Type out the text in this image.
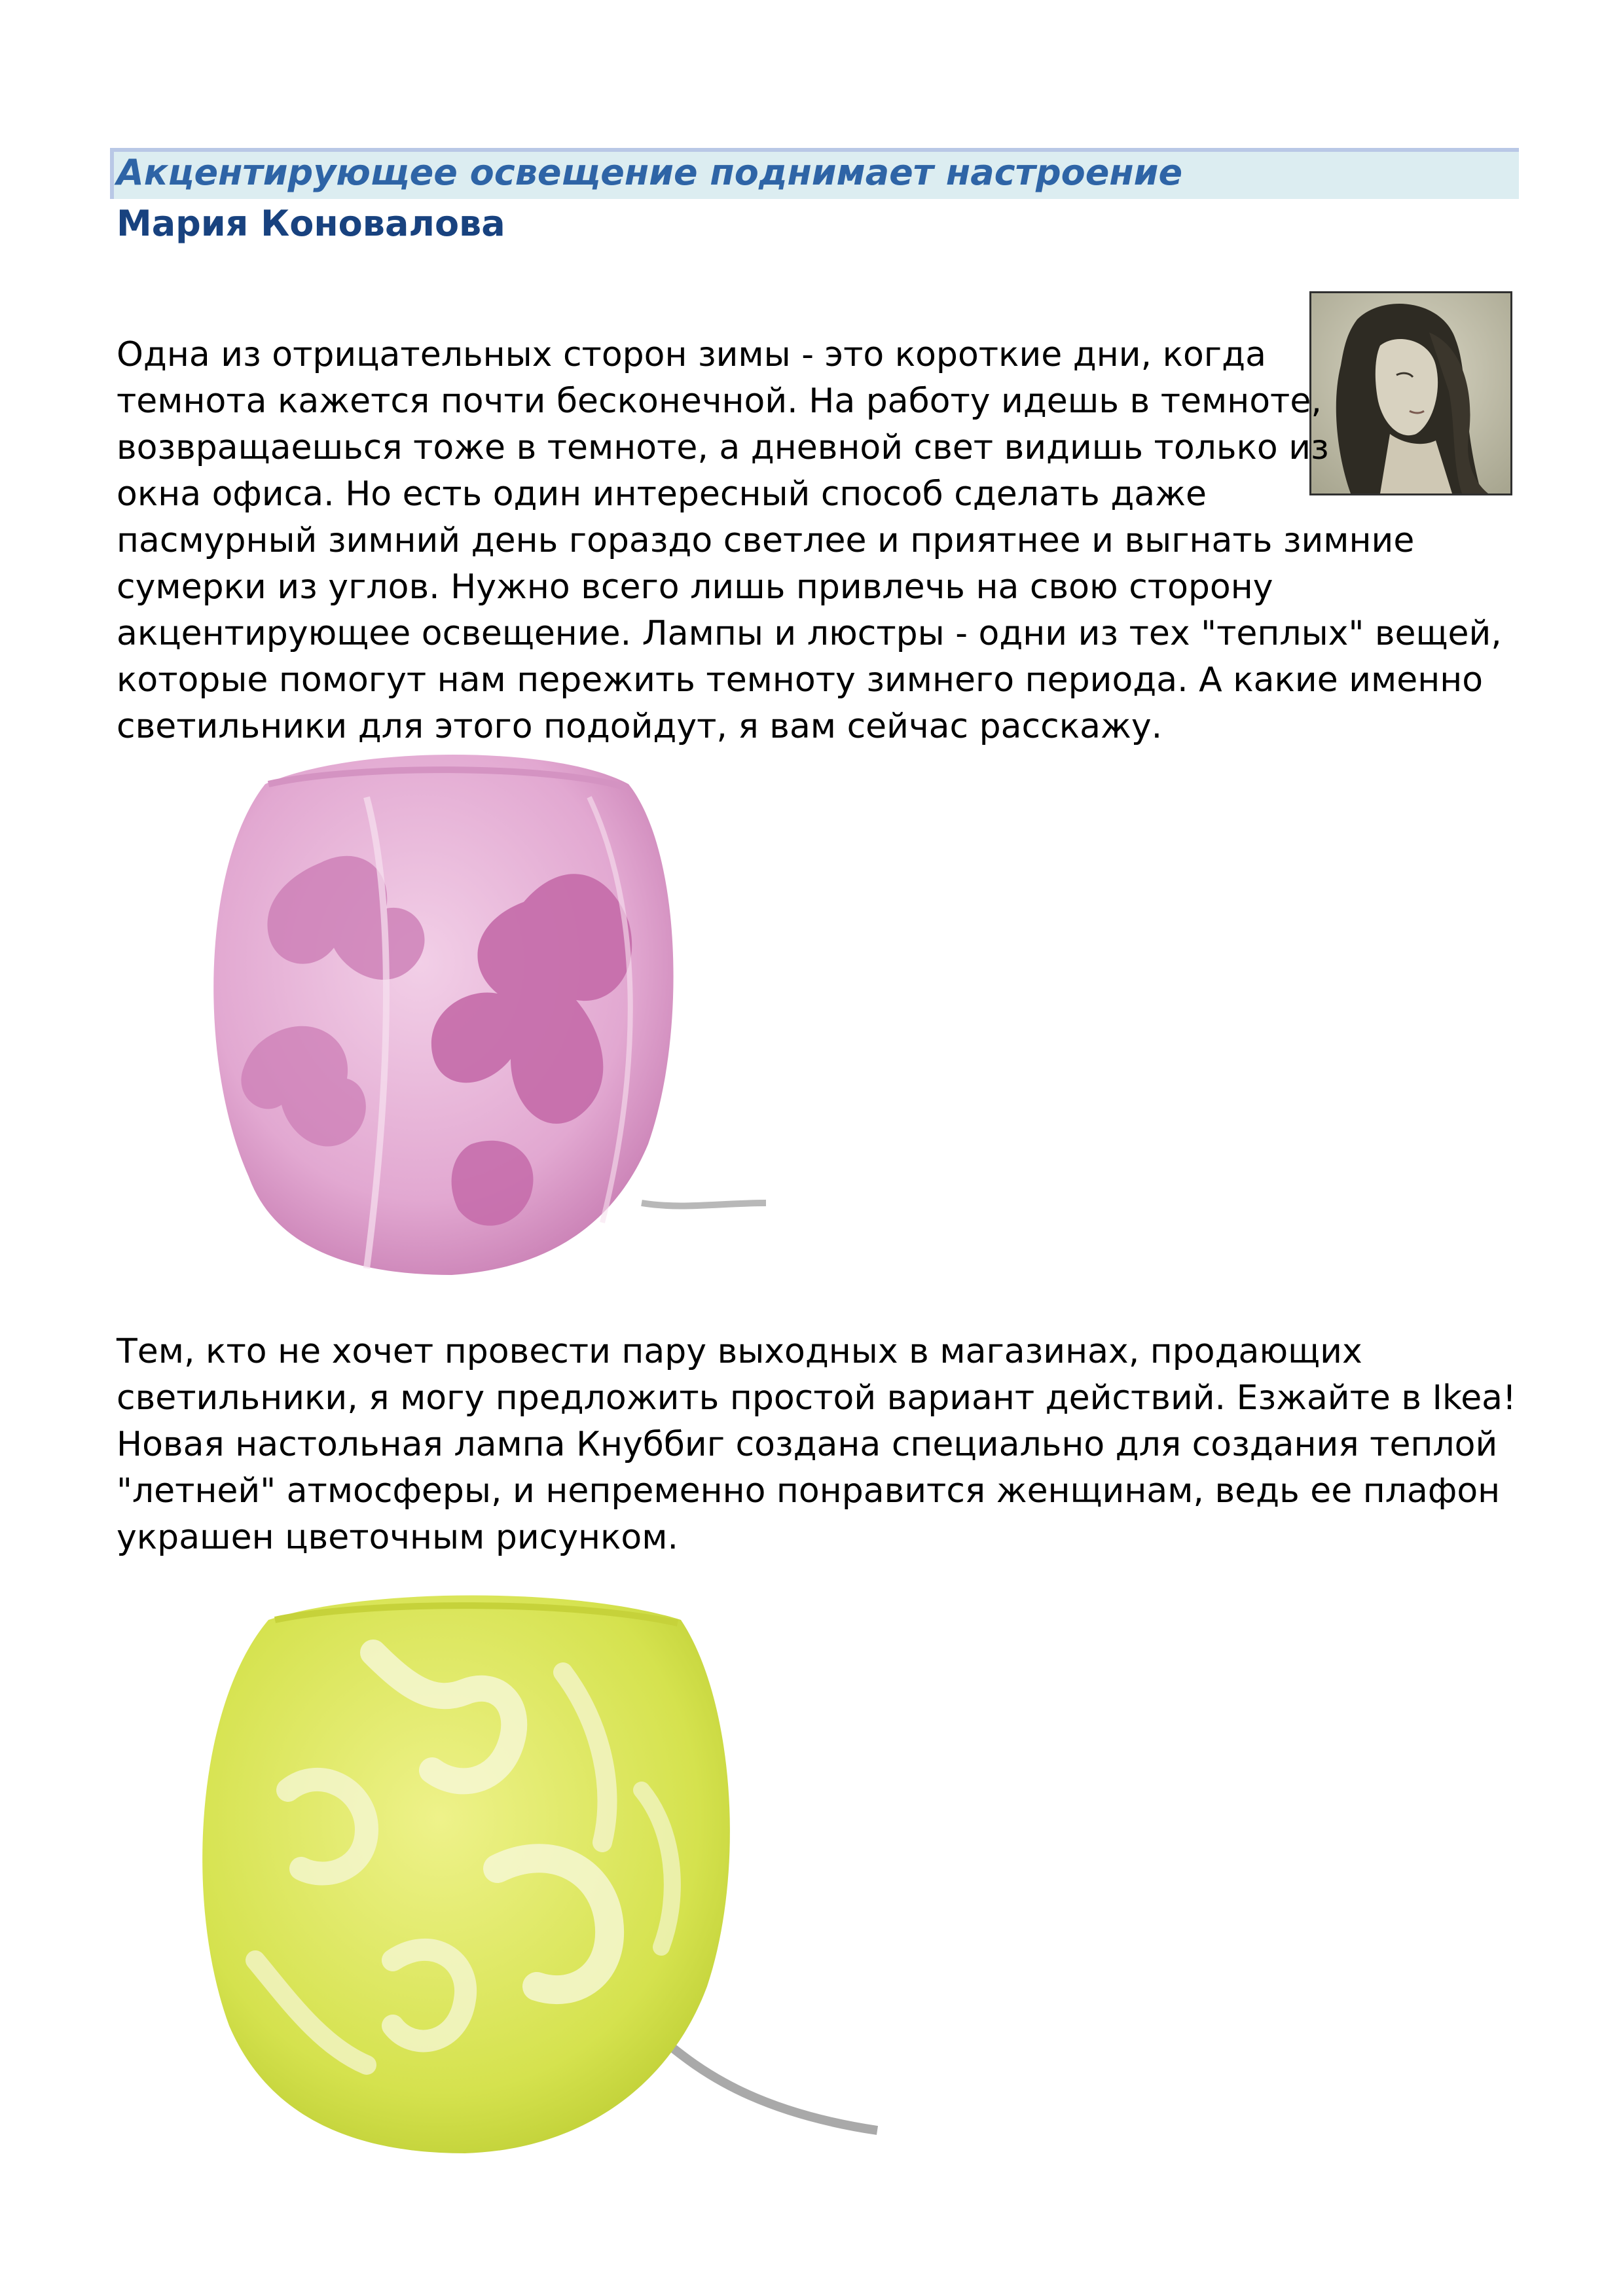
Акцентирующее освещение поднимает настроение
Мария Коновалова

Одна из отрицательных сторон зимы - это короткие дни, когда
темнота кажется почти бесконечной. На работу идешь в темноте,
возвращаешься тоже в темноте, а дневной свет видишь только из
окна офиса. Но есть один интересный способ сделать даже
пасмурный зимний день гораздо светлее и приятнее и выгнать зимние
сумерки из углов. Нужно всего лишь привлечь на свою сторону
акцентирующее освещение. Лампы и люстры - одни из тех "теплых" вещей,
которые помогут нам пережить темноту зимнего периода. А какие именно
светильники для этого подойдут, я вам сейчас расскажу.

Тем, кто не хочет провести пару выходных в магазинах, продающих
светильники, я могу предложить простой вариант действий. Езжайте в Ikea!
Новая настольная лампа Кнуббиг создана специально для создания теплой
"летней" атмосферы, и непременно понравится женщинам, ведь ее плафон
украшен цветочным рисунком.
